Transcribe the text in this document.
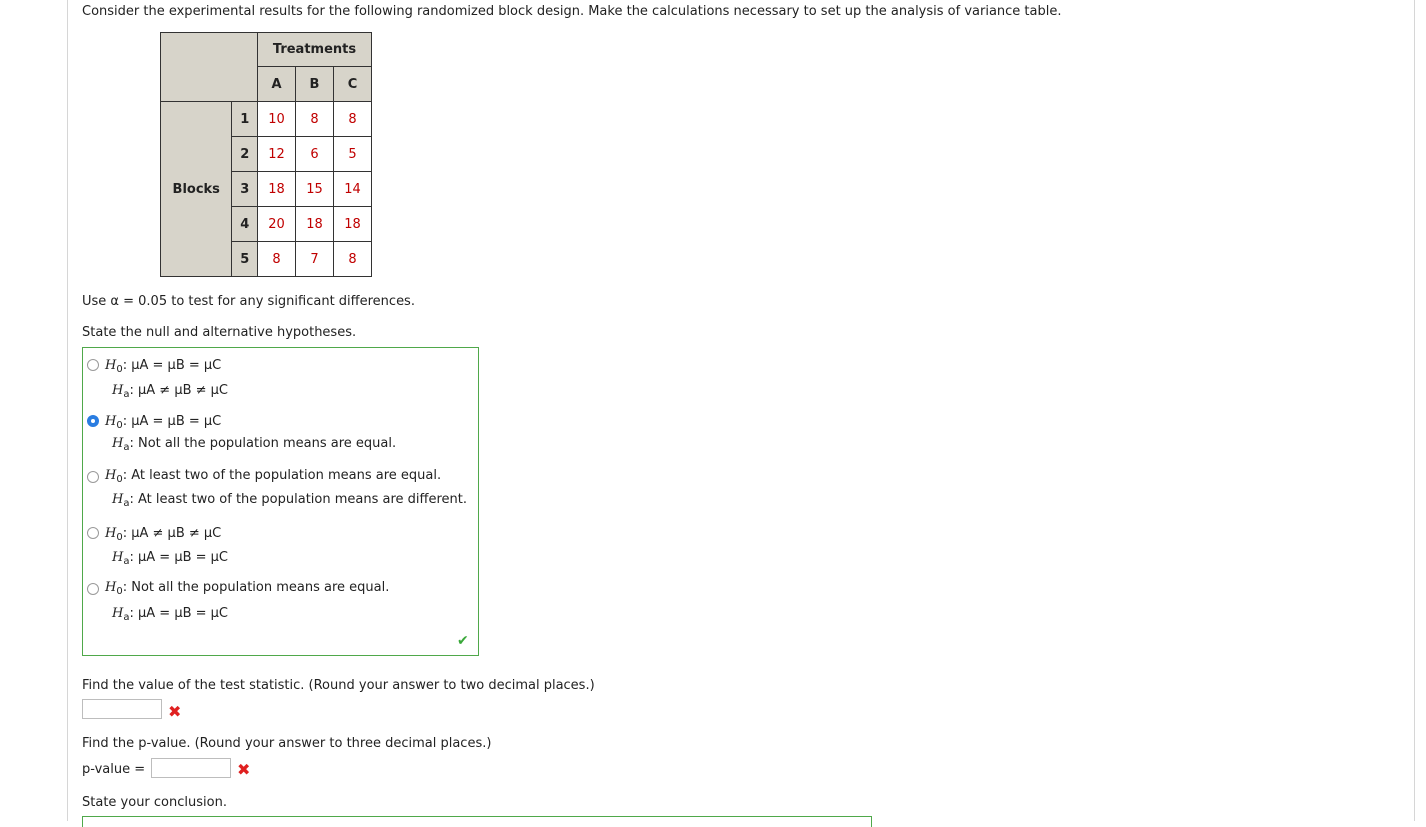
Consider the experimental results for the following randomized block design. Make the calculations necessary to set up the analysis of variance table.
		Treatments		
		A	B	C
Blocks	1	10	8	8
	2	12	6	5
	3	18	15	14
	4	20	18	18
	5	8	7	8
Use α = 0.05 to test for any significant differences.
State the null and alternative hypotheses.
$H_0$: μA = μB = μC
$H_a$: μA ≠ μB ≠ μC
$H_0$: μA = μB = μC
$H_a$: Not all the population means are equal.
$H_0$: At least two of the population means are equal.
$H_a$: At least two of the population means are different.
$H_0$: μA ≠ μB ≠ μC
$H_a$: μA = μB = μC
$H_0$: Not all the population means are equal.
$H_a$: μA = μB = μC
✔
Find the value of the test statistic. (Round your answer to two decimal places.)
✖
Find the p-value. (Round your answer to three decimal places.)
p-value =	✖
State your conclusion.
